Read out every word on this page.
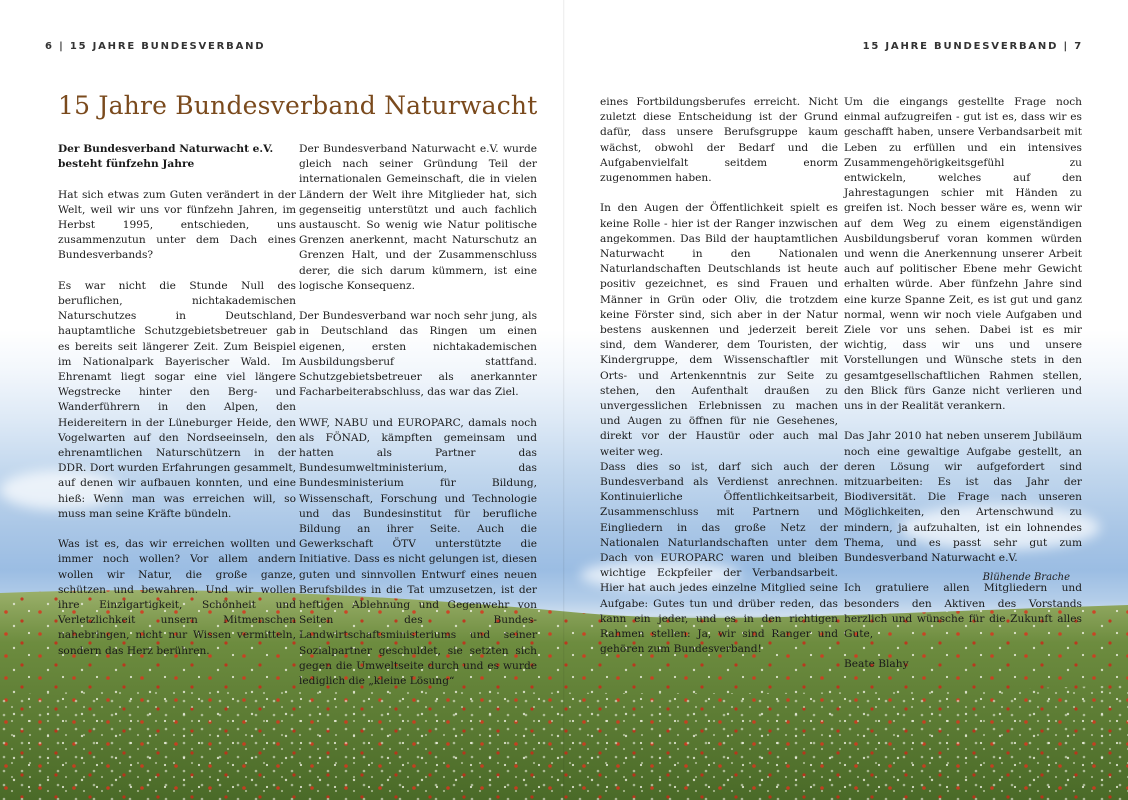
6 | 15 JAHRE BUNDESVERBAND	15 JAHRE BUNDESVERBAND | 7
15 Jahre Bundesverband Naturwacht

Der Bundesverband Naturwacht e.V.
besteht fünfzehn Jahre

Hat sich etwas zum Guten verändert in der Welt, weil wir uns vor fünfzehn Jahren, im Herbst 1995, entschieden, uns zusammenzutun unter dem Dach eines Bundesverbands?

Es war nicht die Stunde Null des beruflichen, nichtakademischen Naturschutzes in Deutschland, hauptamtliche Schutzgebietsbetreuer gab es bereits seit längerer Zeit. Zum Beispiel im Nationalpark Bayerischer Wald. Im Ehrenamt liegt sogar eine viel längere Wegstrecke hinter den Berg- und Wanderführern in den Alpen, den Heidereitern in der Lüneburger Heide, den Vogelwarten auf den Nordseeinseln, den ehrenamtlichen Naturschützern in der DDR. Dort wurden Erfahrungen gesammelt, auf denen wir aufbauen konnten, und eine hieß: Wenn man was erreichen will, so muss man seine Kräfte bündeln.

Was ist es, das wir erreichen wollten und immer noch wollen? Vor allem andern wollen wir Natur, die große ganze, schützen und bewahren. Und wir wollen ihre Einzigartigkeit, Schönheit und Verletzlichkeit unsern Mitmenschen nahebringen, nicht nur Wissen vermitteln, sondern das Herz berühren.

Der Bundesverband Naturwacht e.V. wurde gleich nach seiner Gründung Teil der internationalen Gemeinschaft, die in vielen Ländern der Welt ihre Mitglieder hat, sich gegenseitig unterstützt und auch fachlich austauscht. So wenig wie Natur politische Grenzen anerkennt, macht Naturschutz an Grenzen Halt, und der Zusammenschluss derer, die sich darum kümmern, ist eine logische Konsequenz.

Der Bundesverband war noch sehr jung, als in Deutschland das Ringen um einen eigenen, ersten nichtakademischen Ausbildungsberuf stattfand. Schutzgebietsbetreuer als anerkannter Facharbeiterabschluss, das war das Ziel.

WWF, NABU und EUROPARC, damals noch als FÖNAD, kämpften gemeinsam und hatten als Partner das Bundesumweltministerium, das Bundesministerium für Bildung, Wissenschaft, Forschung und Technologie und das Bundesinstitut für berufliche Bildung an ihrer Seite. Auch die Gewerkschaft ÖTV unterstützte die Initiative. Dass es nicht gelungen ist, diesen guten und sinnvollen Entwurf eines neuen Berufsbildes in die Tat umzusetzen, ist der heftigen Ablehnung und Gegenwehr von Seiten des Bundes-Landwirtschaftsministeriums und seiner Sozialpartner geschuldet, sie setzten sich gegen die Umweltseite durch und es wurde lediglich die „kleine Lösung“

eines Fortbildungsberufes erreicht. Nicht zuletzt diese Entscheidung ist der Grund dafür, dass unsere Berufsgruppe kaum wächst, obwohl der Bedarf und die Aufgabenvielfalt seitdem enorm zugenommen haben.

In den Augen der Öffentlichkeit spielt es keine Rolle - hier ist der Ranger inzwischen angekommen. Das Bild der hauptamtlichen Naturwacht in den Nationalen Naturlandschaften Deutschlands ist heute positiv gezeichnet, es sind Frauen und Männer in Grün oder Oliv, die trotzdem keine Förster sind, sich aber in der Natur bestens auskennen und jederzeit bereit sind, dem Wanderer, dem Touristen, der Kindergruppe, dem Wissenschaftler mit Orts- und Artenkenntnis zur Seite zu stehen, den Aufenthalt draußen zu unvergesslichen Erlebnissen zu machen und Augen zu öffnen für nie Gesehenes, direkt vor der Haustür oder auch mal weiter weg.

Dass dies so ist, darf sich auch der Bundesverband als Verdienst anrechnen. Kontinuierliche Öffentlichkeitsarbeit, Zusammenschluss mit Partnern und Eingliedern in das große Netz der Nationalen Naturlandschaften unter dem Dach von EUROPARC waren und bleiben wichtige Eckpfeiler der Verbandsarbeit. Hier hat auch jedes einzelne Mitglied seine Aufgabe: Gutes tun und drüber reden, das kann ein jeder, und es in den richtigen Rahmen stellen: Ja, wir sind Ranger und gehören zum Bundesverband!

Um die eingangs gestellte Frage noch einmal aufzugreifen - gut ist es, dass wir es geschafft haben, unsere Verbandsarbeit mit Leben zu erfüllen und ein intensives Zusammengehörigkeitsgefühl zu entwickeln, welches auf den Jahrestagungen schier mit Händen zu greifen ist. Noch besser wäre es, wenn wir auf dem Weg zu einem eigenständigen Ausbildungsberuf voran kommen würden und wenn die Anerkennung unserer Arbeit auch auf politischer Ebene mehr Gewicht erhalten würde. Aber fünfzehn Jahre sind eine kurze Spanne Zeit, es ist gut und ganz normal, wenn wir noch viele Aufgaben und Ziele vor uns sehen. Dabei ist es mir wichtig, dass wir uns und unsere Vorstellungen und Wünsche stets in den gesamtgesellschaftlichen Rahmen stellen, den Blick fürs Ganze nicht verlieren und uns in der Realität verankern.

Das Jahr 2010 hat neben unserem Jubiläum noch eine gewaltige Aufgabe gestellt, an deren Lösung wir aufgefordert sind mitzuarbeiten: Es ist das Jahr der Biodiversität. Die Frage nach unseren Möglichkeiten, den Artenschwund zu mindern, ja aufzuhalten, ist ein lohnendes Thema, und es passt sehr gut zum Bundesverband Naturwacht e.V.

Ich gratuliere allen Mitgliedern und besonders den Aktiven des Vorstands herzlich und wünsche für die Zukunft alles Gute,

Beate Blahy

Blühende Brache
